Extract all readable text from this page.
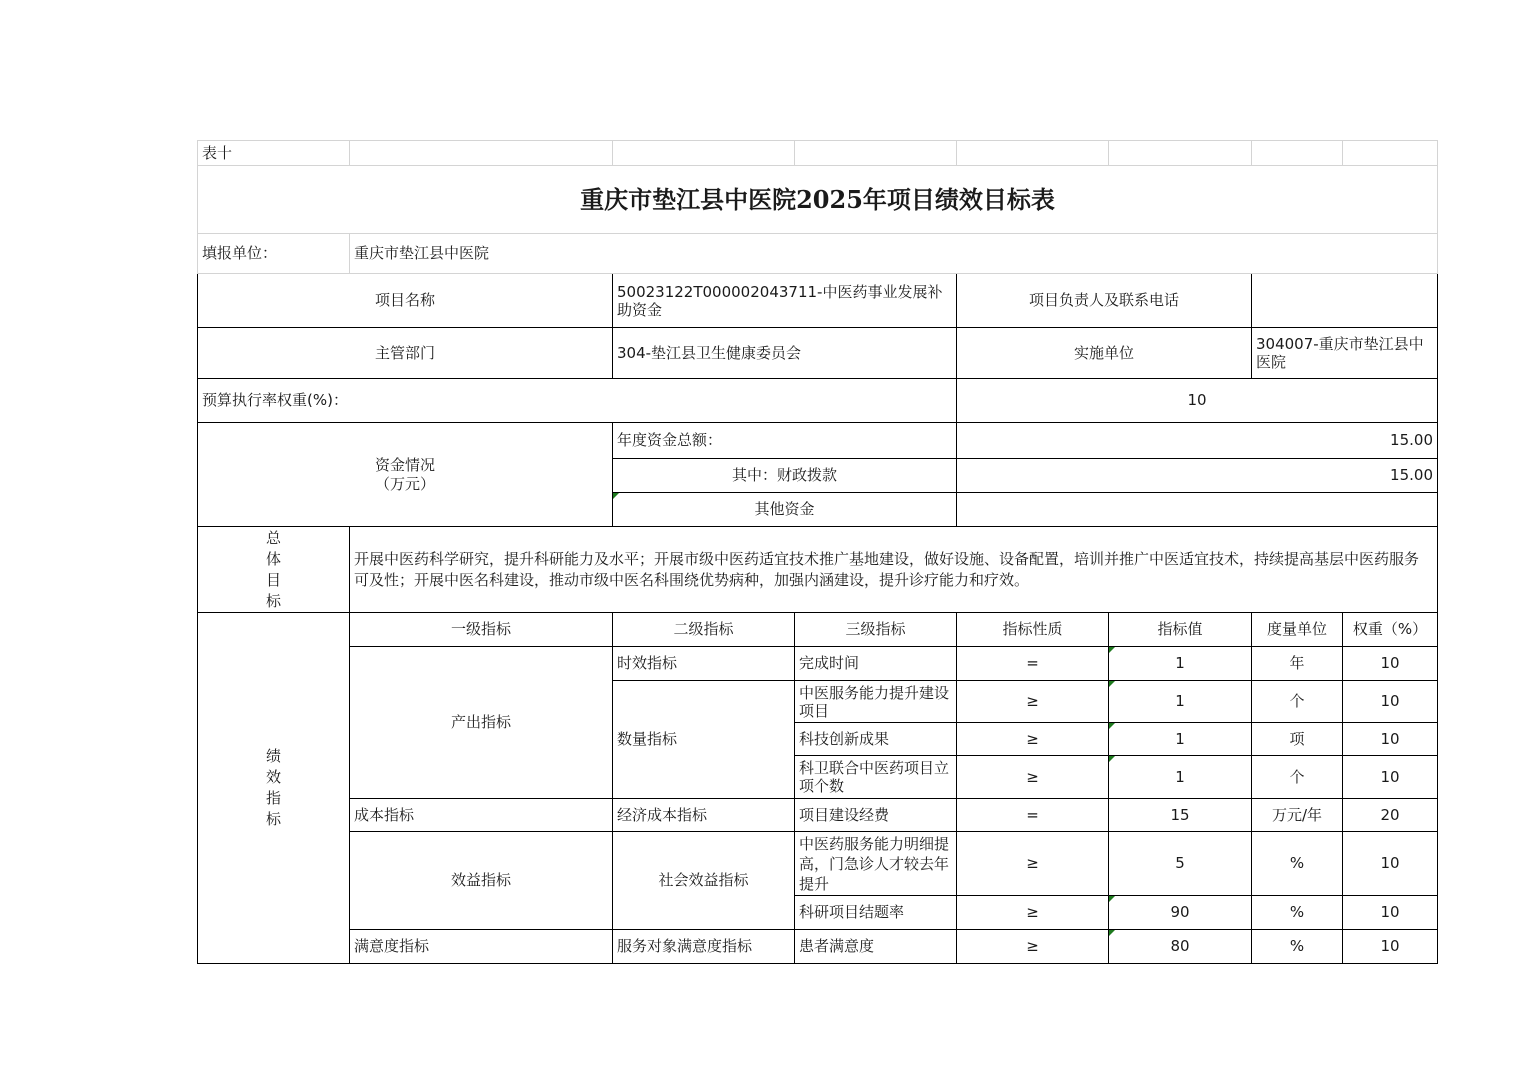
表十							
重庆市垫江县中医院2025年项目绩效目标表							
填报单位：	重庆市垫江县中医院						
项目名称		50023122T000002043711-中医药事业发展补助资金		项目负责人及联系电话			
主管部门		304-垫江县卫生健康委员会		实施单位		304007-重庆市垫江县中医院	
预算执行率权重(%)：				10			

资金情况
（万元）		年度资金总额：		15.00			
		其中：财政拨款		15.00			
		其他资金					

总
体
目
标	开展中医药科学研究，提升科研能力及水平；开展市级中医药适宜技术推广基地建设，做好设施、设备配置，培训并推广中医适宜技术，持续提高基层中医药服务可及性；开展中医名科建设，推动市级中医名科围绕优势病种，加强内涵建设，提升诊疗能力和疗效。						

绩
效
指
标	一级指标	二级指标	三级指标	指标性质	指标值	度量单位	权重（%）
	产出指标	时效指标	完成时间	=	1	年	10
		数量指标	中医服务能力提升建设项目	≥	1	个	10
			科技创新成果	≥	1	项	10
			科卫联合中医药项目立项个数	≥	1	个	10
	成本指标	经济成本指标	项目建设经费	=	15	万元/年	20
	效益指标	社会效益指标	中医药服务能力明细提高，门急诊人才较去年提升	≥	5	%	10
			科研项目结题率	≥	90	%	10
	满意度指标	服务对象满意度指标	患者满意度	≥	80	%	10
